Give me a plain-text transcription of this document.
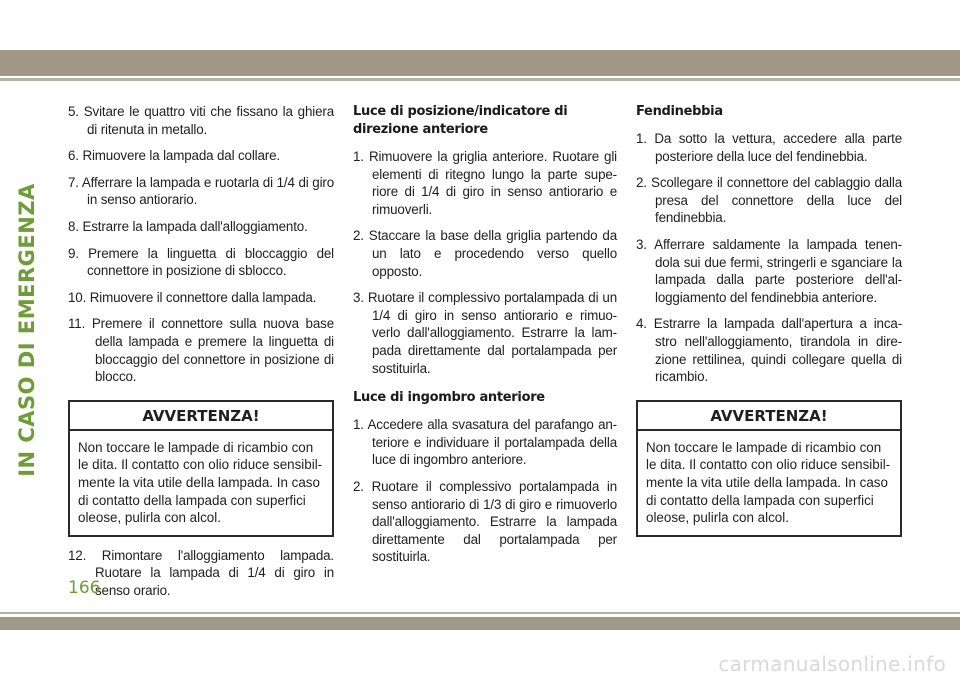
IN CASO DI EMERGENZA
5. Svitare le quattro viti che fissano la ghiera di ritenuta in metallo.
6. Rimuovere la lampada dal collare.
7. Afferrare la lampada e ruotarla di 1/4 di giro in senso antiorario.
8. Estrarre la lampada dall'alloggiamento.
9. Premere la linguetta di bloccaggio del connettore in posizione di sblocco.
10. Rimuovere il connettore dalla lampada.
11. Premere il connettore sulla nuova base della lampada e premere la linguetta di bloccaggio del connettore in posizione di blocco.
AVVERTENZA!
Non toccare le lampade di ricambio con le dita. Il contatto con olio riduce sensibil-mente la vita utile della lampada. In caso di contatto della lampada con superfici oleose, pulirla con alcol.
12. Rimontare l'alloggiamento lampada. Ruotare la lampada di 1/4 di giro in senso orario.
Luce di posizione/indicatore di direzione anteriore
1. Rimuovere la griglia anteriore. Ruotare gli elementi di ritegno lungo la parte supe-riore di 1/4 di giro in senso antiorario e rimuoverli.
2. Staccare la base della griglia partendo da un lato e procedendo verso quello opposto.
3. Ruotare il complessivo portalampada di un 1/4 di giro in senso antiorario e rimuo-verlo dall'alloggiamento. Estrarre la lam-pada direttamente dal portalampada per sostituirla.
Luce di ingombro anteriore
1. Accedere alla svasatura del parafango an-teriore e individuare il portalampada della luce di ingombro anteriore.
2. Ruotare il complessivo portalampada in senso antiorario di 1/3 di giro e rimuoverlo dall'alloggiamento. Estrarre la lampada direttamente dal portalampada per sostituirla.
Fendinebbia
1. Da sotto la vettura, accedere alla parte posteriore della luce del fendinebbia.
2. Scollegare il connettore del cablaggio dalla presa del connettore della luce del fendinebbia.
3. Afferrare saldamente la lampada tenen-dola sui due fermi, stringerli e sganciare la lampada dalla parte posteriore dell'al-loggiamento del fendinebbia anteriore.
4. Estrarre la lampada dall'apertura a inca-stro nell'alloggiamento, tirandola in dire-zione rettilinea, quindi collegare quella di ricambio.
AVVERTENZA!
Non toccare le lampade di ricambio con le dita. Il contatto con olio riduce sensibil-mente la vita utile della lampada. In caso di contatto della lampada con superfici oleose, pulirla con alcol.
166
carmanualsonline.info
